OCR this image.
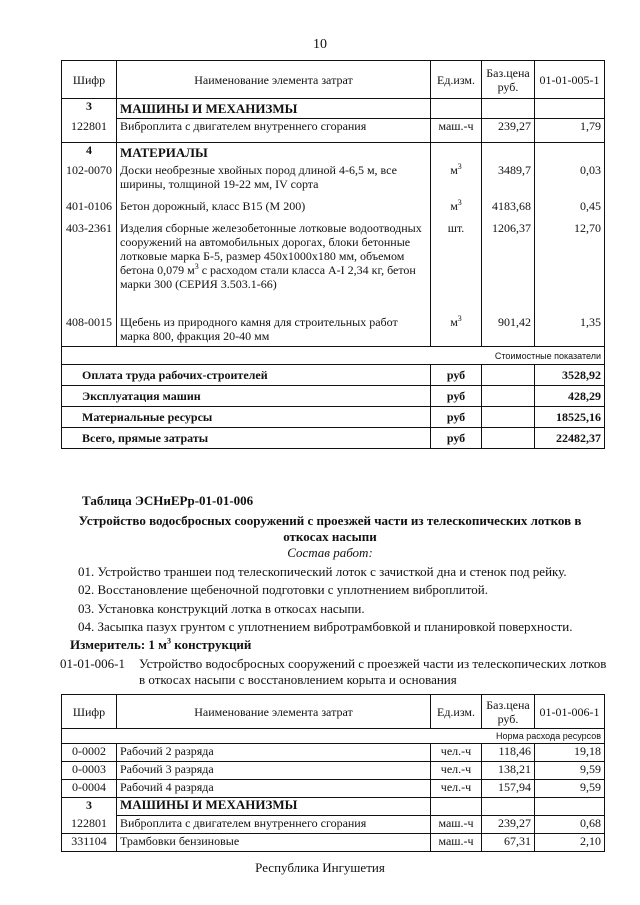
10
Шифр	Наименование элемента затрат	Ед.изм.	Баз.цена руб.	01-01-005-1
3	МАШИНЫ И МЕХАНИЗМЫ			
122801	Виброплита с двигателем внутреннего сгорания	маш.-ч	239,27	1,79
4	МАТЕРИАЛЫ			
102-0070	Доски необрезные хвойных пород длиной 4-6,5 м, все ширины, толщиной 19-22 мм, IV сорта	$м^3$	3489,7	0,03
401-0106	Бетон дорожный, класс В15 (М 200)	$м^3$	4183,68	0,45
403-2361	Изделия сборные железобетонные лотковые водоотводных сооружений на автомобильных дорогах, блоки бетонные лотковые марка Б-5, размер 450х1000х180 мм, объемом бетона 0,079 $м^3$ с расходом стали класса А-I 2,34 кг, бетон марки 300 (СЕРИЯ 3.503.1-66)	шт.	1206,37	12,70
408-0015	Щебень из природного камня для строительных работ марка 800, фракция 20-40 мм	$м^3$	901,42	1,35
Стоимостные показатели				
Оплата труда рабочих-строителей		руб		3528,92
Эксплуатация машин		руб		428,29
Материальные ресурсы		руб		18525,16
Всего, прямые затраты		руб		22482,37
Таблица ЭСНиЕРр-01-01-006
Устройство водосбросных сооружений с проезжей части из телескопических лотков в откосах насыпи
Состав работ:
01. Устройство траншеи под телескопический лоток с зачисткой дна и стенок под рейку.
02. Восстановление щебеночной подготовки с уплотнением виброплитой.
03. Установка конструкций лотка в откосах насыпи.
04. Засыпка пазух грунтом с уплотнением вибротрамбовкой и планировкой поверхности.
Измеритель: 1 $м^3$ конструкций
01-01-006-1 Устройство водосбросных сооружений с проезжей части из телескопических лотков в откосах насыпи с восстановлением корыта и основания
Шифр	Наименование элемента затрат	Ед.изм.	Баз.цена руб.	01-01-006-1
Норма расхода ресурсов				
0-0002	Рабочий 2 разряда	чел.-ч	118,46	19,18
0-0003	Рабочий 3 разряда	чел.-ч	138,21	9,59
0-0004	Рабочий 4 разряда	чел.-ч	157,94	9,59
3	МАШИНЫ И МЕХАНИЗМЫ			
122801	Виброплита с двигателем внутреннего сгорания	маш.-ч	239,27	0,68
331104	Трамбовки бензиновые	маш.-ч	67,31	2,10
Республика Ингушетия
